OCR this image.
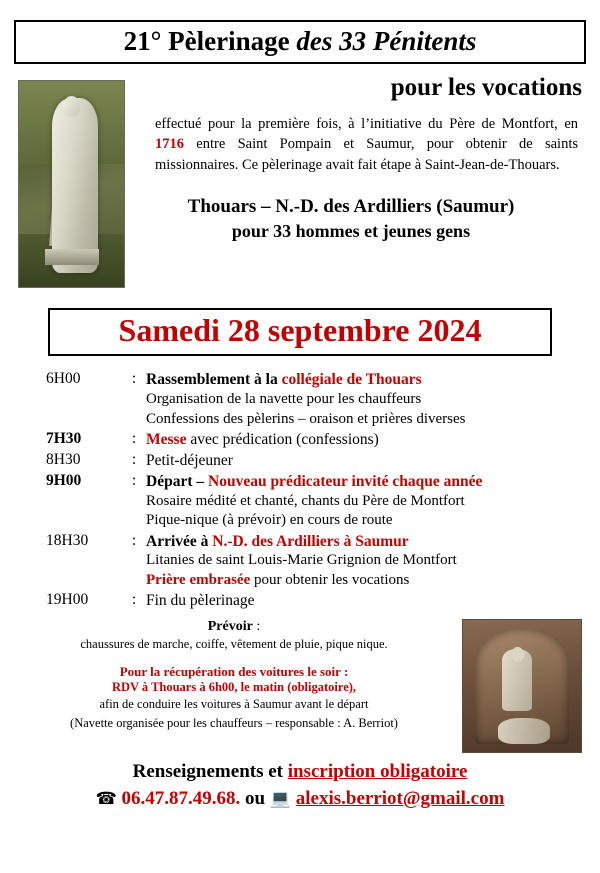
21° Pèlerinage des 33 Pénitents
pour les vocations
effectué pour la première fois, à l’initiative du Père de Montfort, en 1716 entre Saint Pompain et Saumur, pour obtenir de saints missionnaires. Ce pèlerinage avait fait étape à Saint-Jean-de-Thouars.
Thouars – N.-D. des Ardilliers (Saumur)
pour 33 hommes et jeunes gens
Samedi 28 septembre 2024
6H00	: Rassemblement à la collégiale de Thouars
Organisation de la navette pour les chauffeurs
Confessions des pèlerins – oraison et prières diverses
7H30	: Messe avec prédication (confessions)
8H30	: Petit-déjeuner
9H00	: Départ – Nouveau prédicateur invité chaque année
Rosaire médité et chanté, chants du Père de Montfort
Pique-nique (à prévoir) en cours de route
18H30	: Arrivée à N.-D. des Ardilliers à Saumur
Litanies de saint Louis-Marie Grignion de Montfort
Prière embrasée pour obtenir les vocations
19H00	: Fin du pèlerinage
Prévoir :
chaussures de marche, coiffe, vêtement de pluie, pique nique.
Pour la récupération des voitures le soir :
RDV à Thouars à 6h00, le matin (obligatoire),
afin de conduire les voitures à Saumur avant le départ
(Navette organisée pour les chauffeurs – responsable : A. Berriot)
Renseignements et inscription obligatoire
☎ 06.47.87.49.68. ou 💻 alexis.berriot@gmail.com
